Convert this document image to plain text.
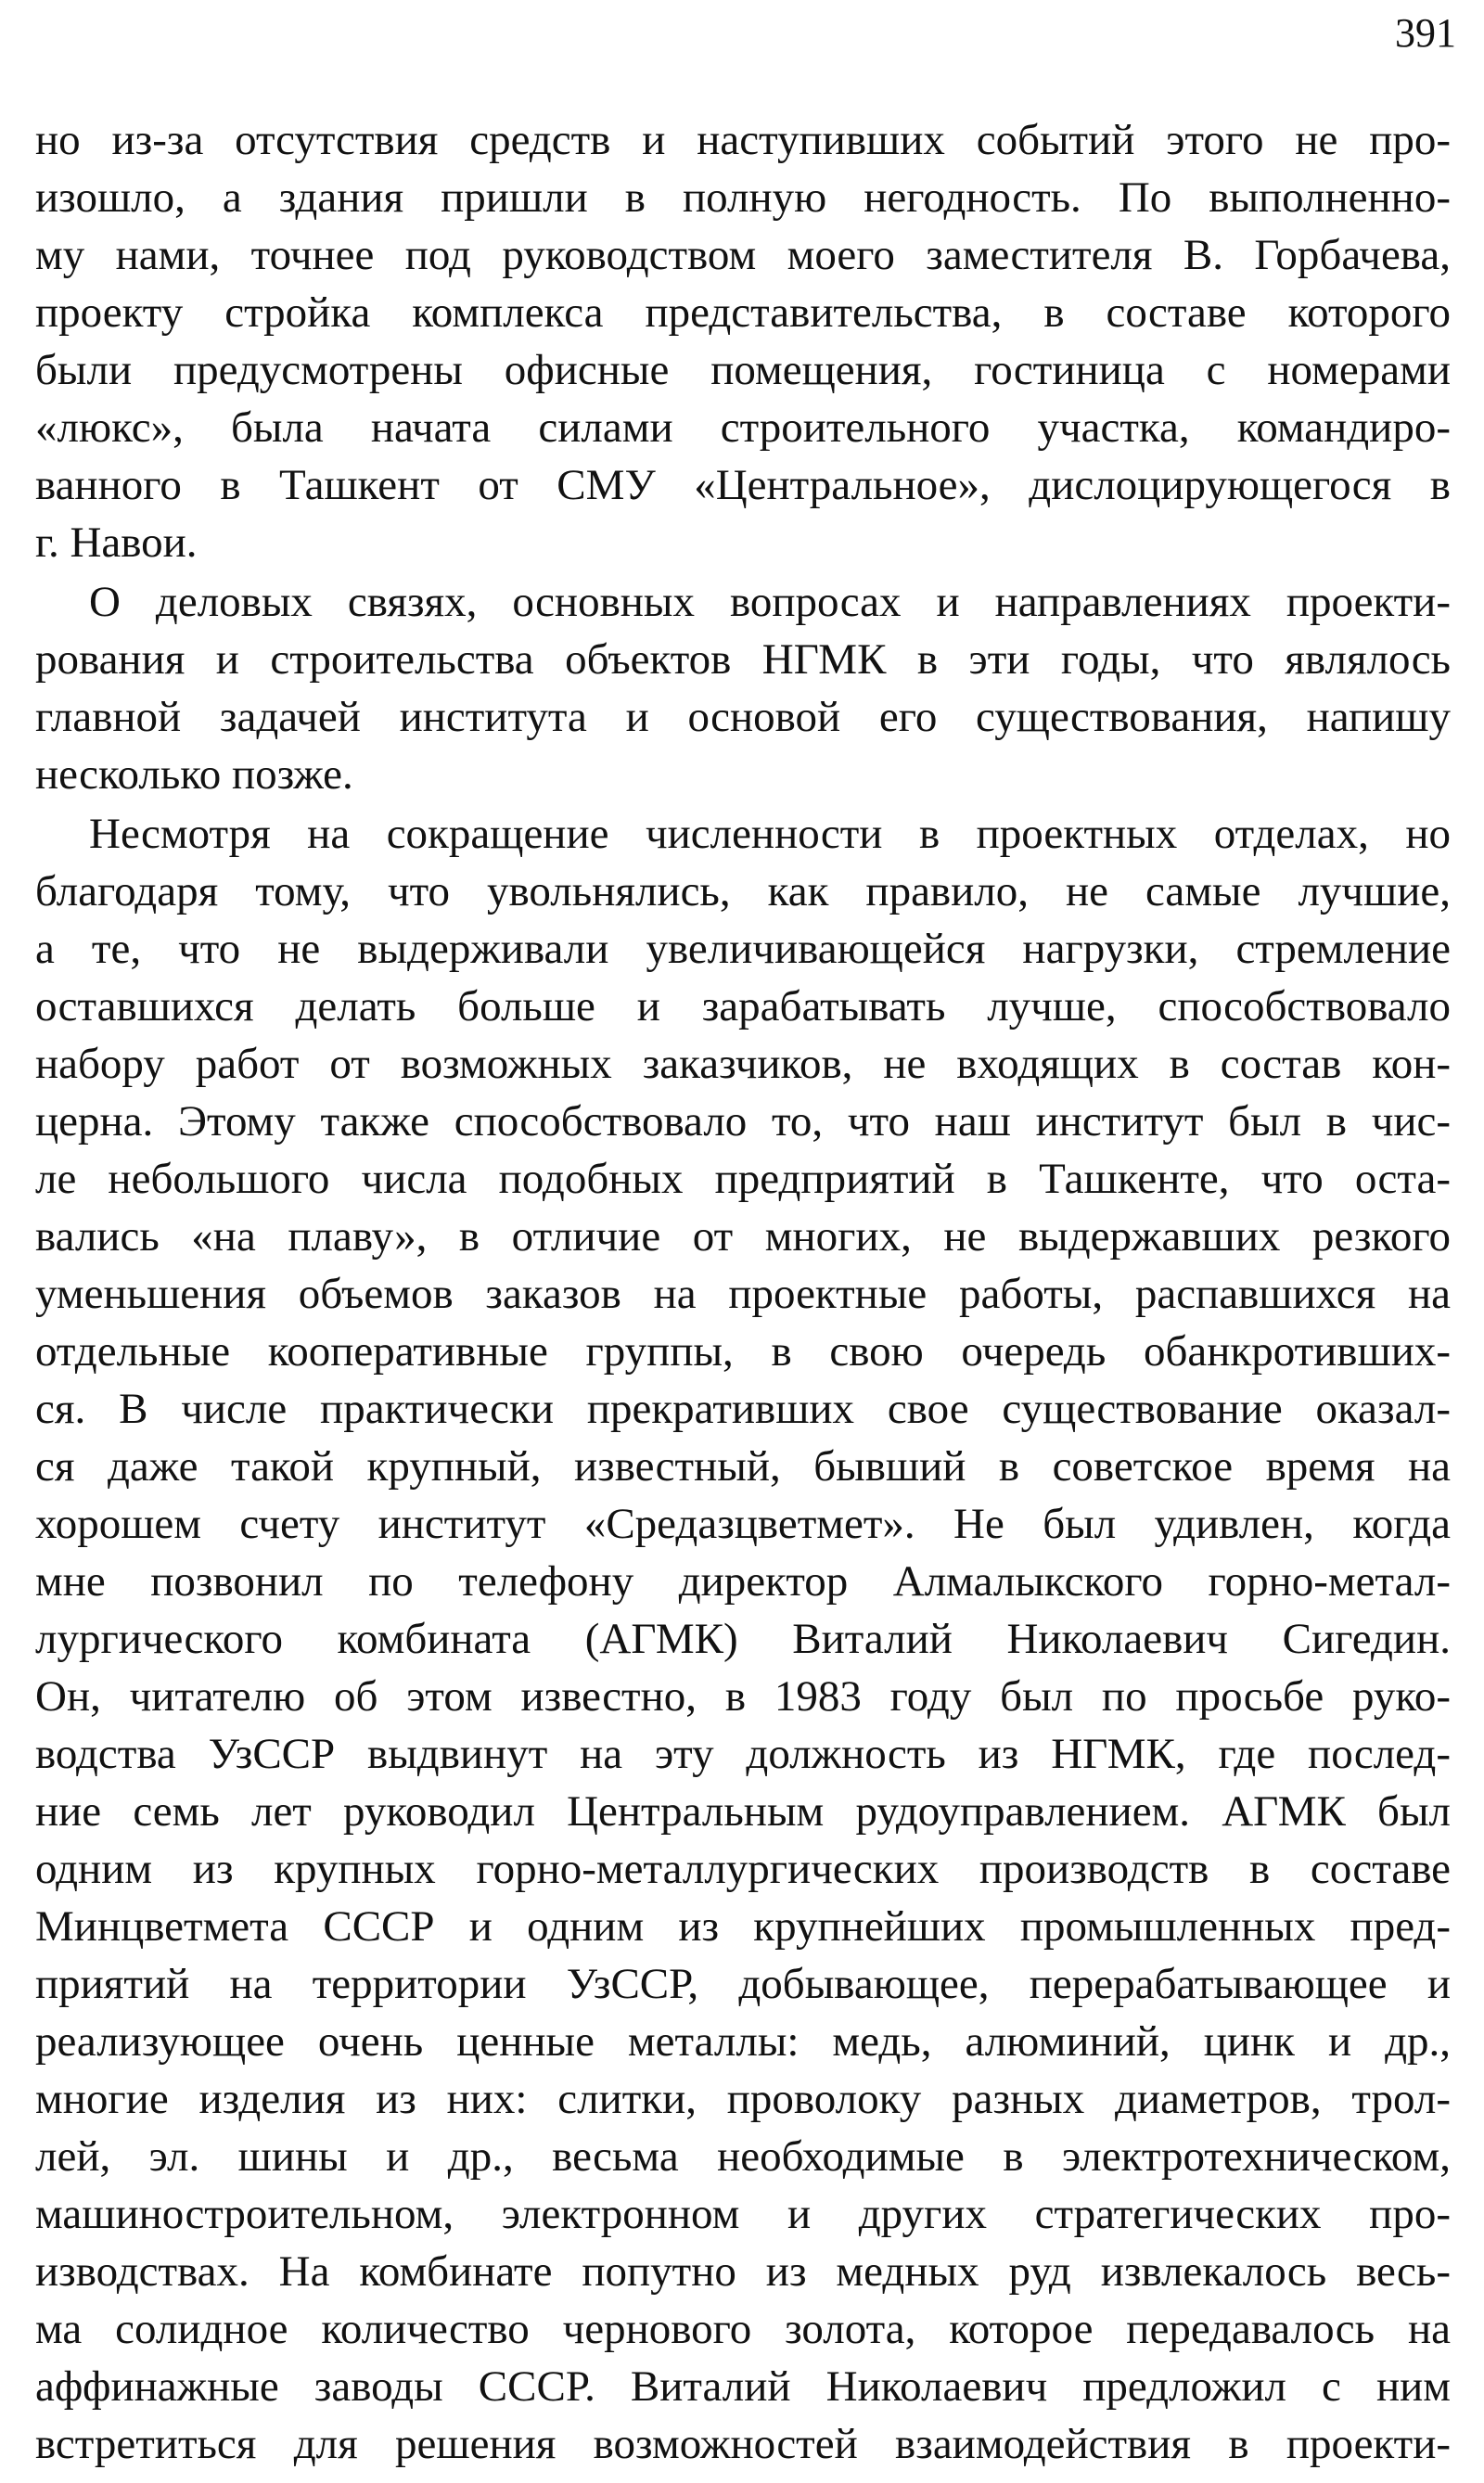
391
но из-за отсутствия средств и наступивших событий этого не про-
изошло, а здания пришли в полную негодность. По выполненно-
му нами, точнее под руководством моего заместителя В. Горбачева,
проекту стройка комплекса представительства, в составе которого
были предусмотрены офисные помещения, гостиница с номерами
«люкс», была начата силами строительного участка, командиро-
ванного в Ташкент от СМУ «Центральное», дислоцирующегося в
г. Навои.
О деловых связях, основных вопросах и направлениях проекти-
рования и строительства объектов НГМК в эти годы, что являлось
главной задачей института и основой его существования, напишу
несколько позже.
Несмотря на сокращение численности в проектных отделах, но
благодаря тому, что увольнялись, как правило, не самые лучшие,
а те, что не выдерживали увеличивающейся нагрузки, стремление
оставшихся делать больше и зарабатывать лучше, способствовало
набору работ от возможных заказчиков, не входящих в состав кон-
церна. Этому также способствовало то, что наш институт был в чис-
ле небольшого числа подобных предприятий в Ташкенте, что оста-
вались «на плаву», в отличие от многих, не выдержавших резкого
уменьшения объемов заказов на проектные работы, распавшихся на
отдельные кооперативные группы, в свою очередь обанкротивших-
ся. В числе практически прекративших свое существование оказал-
ся даже такой крупный, известный, бывший в советское время на
хорошем счету институт «Средазцветмет». Не был удивлен, когда
мне позвонил по телефону директор Алмалыкского горно-метал-
лургического комбината (АГМК) Виталий Николаевич Сигедин.
Он, читателю об этом известно, в 1983 году был по просьбе руко-
водства УзССР выдвинут на эту должность из НГМК, где послед-
ние семь лет руководил Центральным рудоуправлением. АГМК был
одним из крупных горно-металлургических производств в составе
Минцветмета СССР и одним из крупнейших промышленных пред-
приятий на территории УзССР, добывающее, перерабатывающее и
реализующее очень ценные металлы: медь, алюминий, цинк и др.,
многие изделия из них: слитки, проволоку разных диаметров, трол-
лей, эл. шины и др., весьма необходимые в электротехническом,
машиностроительном, электронном и других стратегических про-
изводствах. На комбинате попутно из медных руд извлекалось весь-
ма солидное количество чернового золота, которое передавалось на
аффинажные заводы СССР. Виталий Николаевич предложил с ним
встретиться для решения возможностей взаимодействия в проекти-
